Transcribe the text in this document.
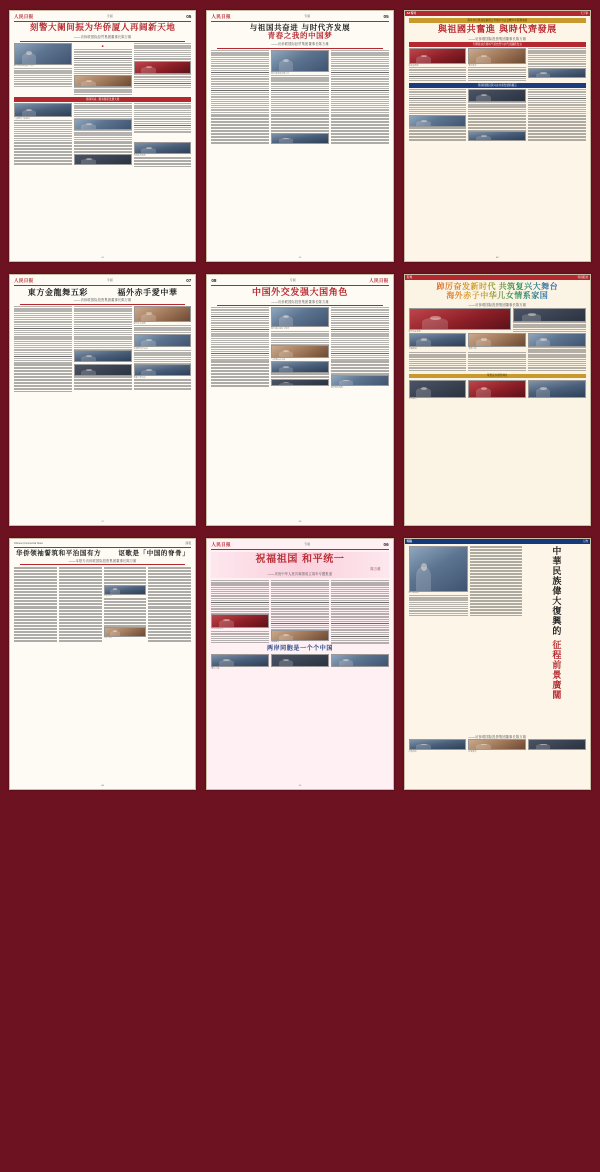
人民日报	专版	05
刻警大阑间振为华侨厦人再阔新天地
——访侨联国际经贸集团董事长陈万雄
陈万雄在座谈会上发言
■
侨商风采 · 服务国家发展大局
与会嘉宾合影留念
考察项目现场
05
人民日报	专版	05
与祖国共奋进 与时代齐发展
青春之我的中国梦
——访侨联国际经贸集团董事长陈万雄
陈万雄接受记者专访
05
A3 特刊	天下事
海外华运界高层重组合考察中外企业精华车程顺成就
與祖國共奮進 與時代齊發展
——访侨联国际投资集团董事长陈万雄
专题座谈会现场气氛热烈与会代表踊跃发言
座谈会现场	嘉宾发言
侨商回国投资兴业共谋发展新篇章
A3
人民日报	专版	07
東方金龍舞五彩	福外赤手愛中華
——访侨联国际投资集团董事长陈万雄
颁奖仪式现场
代表团访问交流
签署合作协议
07
08	专版	人民日报
中国外交发强大国角色
——访侨联国际投资集团董事长陈万雄
陈万雄在论坛上发言
与外国友人交流
项目签约现场
08
专刊	特别报道
踔厉奋发新时代 共筑复兴大舞台
海外赤子中华儿女情系家国
——访侨联国际投资集团董事长陈万雄
颁奖典礼现场
主题演讲	表彰合影
荣誉证书颁奖典礼
文艺演出
Chinese Commercial News	商报
华侨领袖誓筑和平治国有方	讴歌是「中国的脊骨」
——本报专访侨联国际投资集团董事长陈万雄
访谈现场
代表合影
A6
人民日报	专版	06
祝福祖国 和平统一
陈万雄
——庆祝中华人民共和国成立周年专题报道
庆祝活动现场
书法题词
两岸同胞是一个个中国
嘉宾合影
06
特稿	人物
陈万雄近照	中華民族偉大復興的 征程前景廣闊
——访侨联国际投资集团董事长陈万雄
出席活动	接受颁奖
